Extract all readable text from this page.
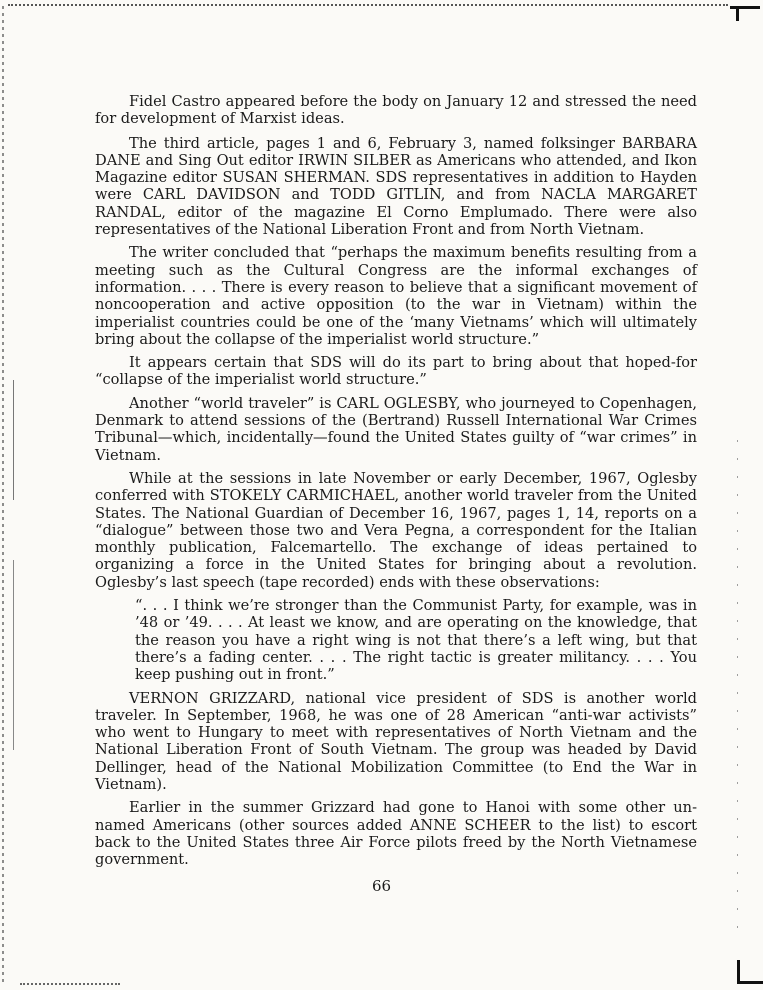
Fidel Castro appeared before the body on January 12 and stressed the need for development of Marxist ideas.

The third article, pages 1 and 6, February 3, named folksinger BARBARA DANE and Sing Out editor IRWIN SILBER as Americans who attended, and Ikon Magazine editor SUSAN SHERMAN. SDS representatives in addition to Hayden were CARL DAVIDSON and TODD GITLIN, and from NACLA MARGARET RANDAL, editor of the magazine El Corno Emplumado. There were also representatives of the National Liberation Front and from North Vietnam.

The writer concluded that “perhaps the maximum benefits resulting from a meeting such as the Cultural Congress are the informal exchanges of information. . . . There is every reason to believe that a significant movement of noncooperation and active opposition (to the war in Vietnam) within the imperialist countries could be one of the ‘many Vietnams’ which will ultimately bring about the collapse of the imperialist world structure.”

It appears certain that SDS will do its part to bring about that hoped-for “collapse of the imperialist world structure.”

Another “world traveler” is CARL OGLESBY, who journeyed to Copenhagen, Denmark to attend sessions of the (Bertrand) Russell International War Crimes Tribunal—which, incidentally—found the United States guilty of “war crimes” in Vietnam.

While at the sessions in late November or early December, 1967, Oglesby conferred with STOKELY CARMICHAEL, another world traveler from the United States. The National Guardian of December 16, 1967, pages 1, 14, reports on a “dialogue” between those two and Vera Pegna, a correspondent for the Italian monthly publication, Falcemartello. The exchange of ideas pertained to organizing a force in the United States for bringing about a revolution. Oglesby’s last speech (tape recorded) ends with these observations:

“. . . I think we’re stronger than the Communist Party, for example, was in ’48 or ’49. . . . At least we know, and are operating on the knowledge, that the reason you have a right wing is not that there’s a left wing, but that there’s a fading center. . . . The right tactic is greater militancy. . . . You keep pushing out in front.”

VERNON GRIZZARD, national vice president of SDS is another world traveler. In September, 1968, he was one of 28 American “anti-war activists” who went to Hungary to meet with representatives of North Vietnam and the National Liberation Front of South Vietnam. The group was headed by David Dellinger, head of the National Mobilization Committee (to End the War in Vietnam).

Earlier in the summer Grizzard had gone to Hanoi with some other un-named Americans (other sources added ANNE SCHEER to the list) to escort back to the United States three Air Force pilots freed by the North Vietnamese government.

66
